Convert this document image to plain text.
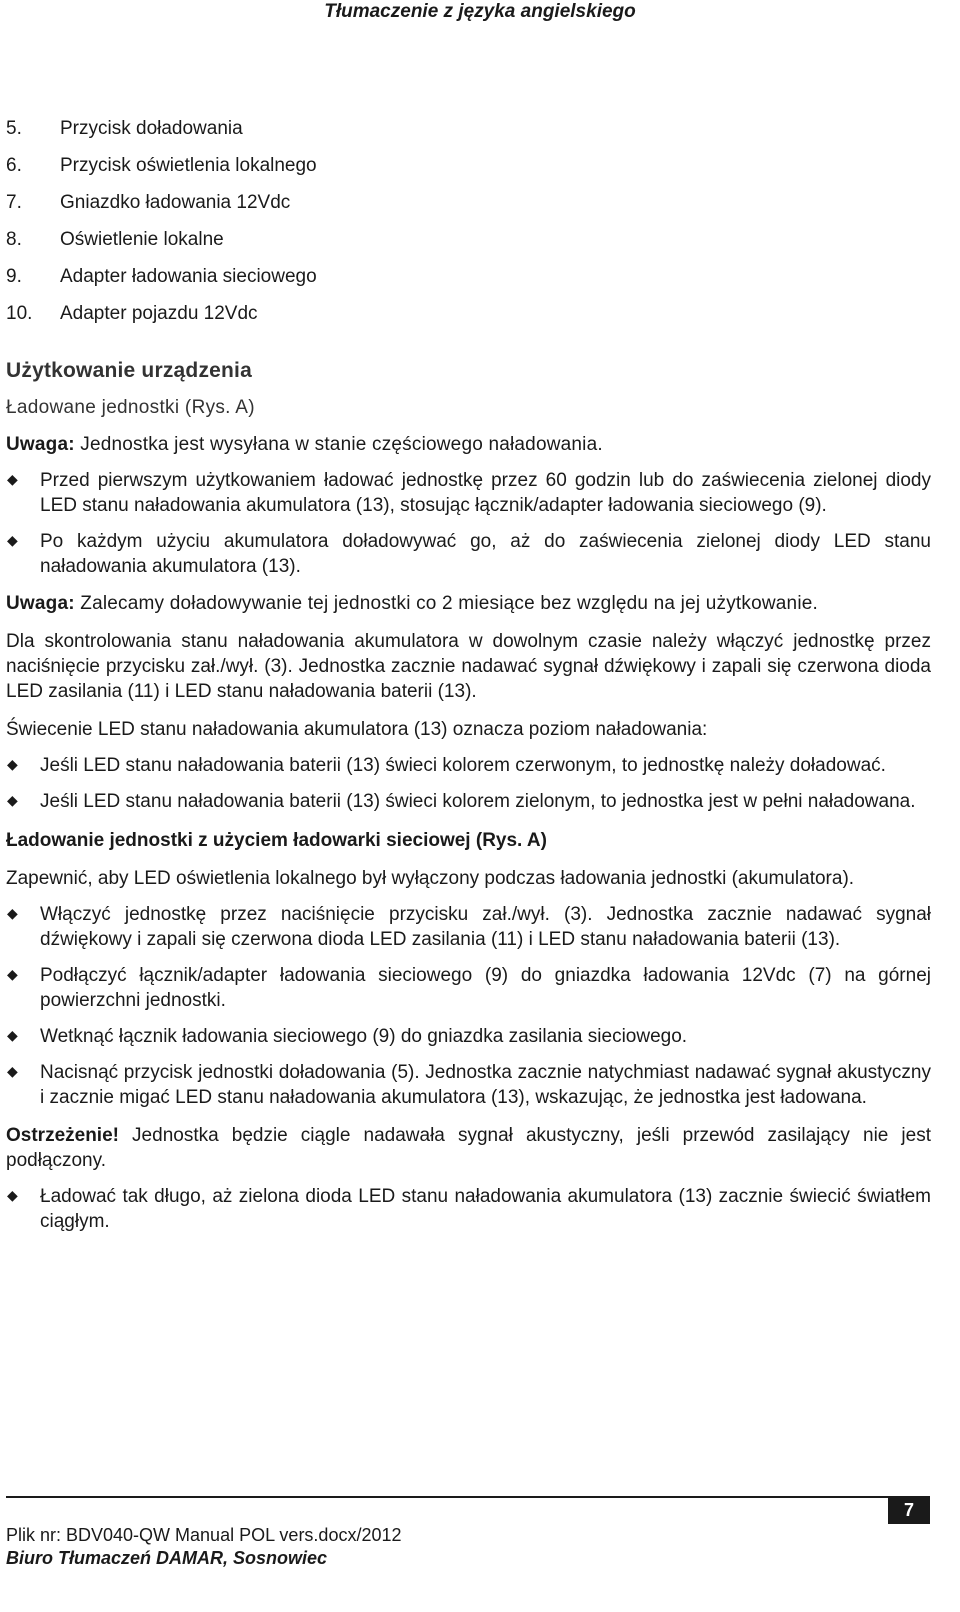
Tłumaczenie z języka angielskiego
5.	Przycisk doładowania
6.	Przycisk oświetlenia lokalnego
7.	Gniazdko ładowania 12Vdc
8.	Oświetlenie lokalne
9.	Adapter ładowania sieciowego
10.	Adapter pojazdu 12Vdc
Użytkowanie urządzenia
Ładowane jednostki (Rys. A)
Uwaga: Jednostka jest wysyłana w stanie częściowego naładowania.
◆	Przed pierwszym użytkowaniem ładować jednostkę przez 60 godzin lub do zaświecenia zielonej diody LED stanu naładowania akumulatora (13), stosując łącznik/adapter ładowania sieciowego (9).
◆	Po każdym użyciu akumulatora doładowywać go, aż do zaświecenia zielonej diody LED stanu naładowania akumulatora (13).
Uwaga: Zalecamy doładowywanie tej jednostki co 2 miesiące bez względu na jej użytkowanie.
Dla skontrolowania stanu naładowania akumulatora w dowolnym czasie należy włączyć jednostkę przez naciśnięcie przycisku zał./wył. (3). Jednostka zacznie nadawać sygnał dźwiękowy i zapali się czerwona dioda LED zasilania (11) i LED stanu naładowania baterii (13).
Świecenie LED stanu naładowania akumulatora (13) oznacza poziom naładowania:
◆	Jeśli LED stanu naładowania baterii (13) świeci kolorem czerwonym, to jednostkę należy doładować.
◆	Jeśli LED stanu naładowania baterii (13) świeci kolorem zielonym, to jednostka jest w pełni naładowana.
Ładowanie jednostki z użyciem ładowarki sieciowej (Rys. A)
Zapewnić, aby LED oświetlenia lokalnego był wyłączony podczas ładowania jednostki (akumulatora).
◆	Włączyć jednostkę przez naciśnięcie przycisku zał./wył. (3). Jednostka zacznie nadawać sygnał dźwiękowy i zapali się czerwona dioda LED zasilania (11) i LED stanu naładowania baterii (13).
◆	Podłączyć łącznik/adapter ładowania sieciowego (9) do gniazdka ładowania 12Vdc (7) na górnej powierzchni jednostki.
◆	Wetknąć łącznik ładowania sieciowego (9) do gniazdka zasilania sieciowego.
◆	Nacisnąć przycisk jednostki doładowania (5). Jednostka zacznie natychmiast nadawać sygnał akustyczny i zacznie migać LED stanu naładowania akumulatora (13), wskazując, że jednostka jest ładowana.
Ostrzeżenie! Jednostka będzie ciągle nadawała sygnał akustyczny, jeśli przewód zasilający nie jest podłączony.
◆	Ładować tak długo, aż zielona dioda LED stanu naładowania akumulatora (13) zacznie świecić światłem ciągłym.
7
Plik nr: BDV040-QW Manual POL vers.docx/2012
Biuro Tłumaczeń DAMAR, Sosnowiec
